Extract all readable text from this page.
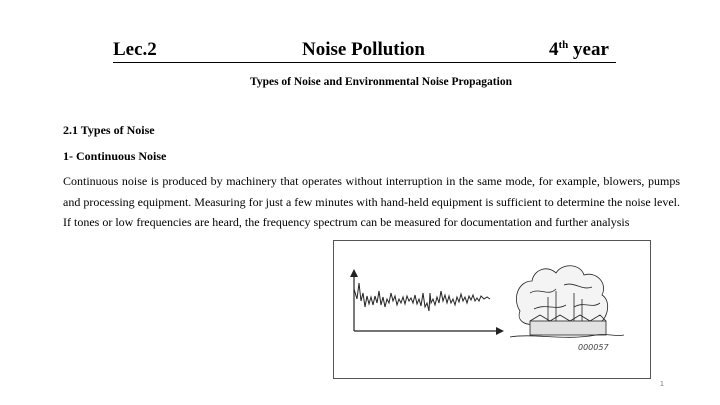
Lec.2	Noise Pollution	4th year
Types of Noise and Environmental Noise Propagation
2.1 Types of Noise
1- Continuous Noise

Continuous noise is produced by machinery that operates without interruption in the same mode, for example, blowers, pumps and processing equipment. Measuring for just a few minutes with hand-held equipment is sufficient to determine the noise level. If tones or low frequencies are heard, the frequency spectrum can be measured for documentation and further analysis

000057
1
